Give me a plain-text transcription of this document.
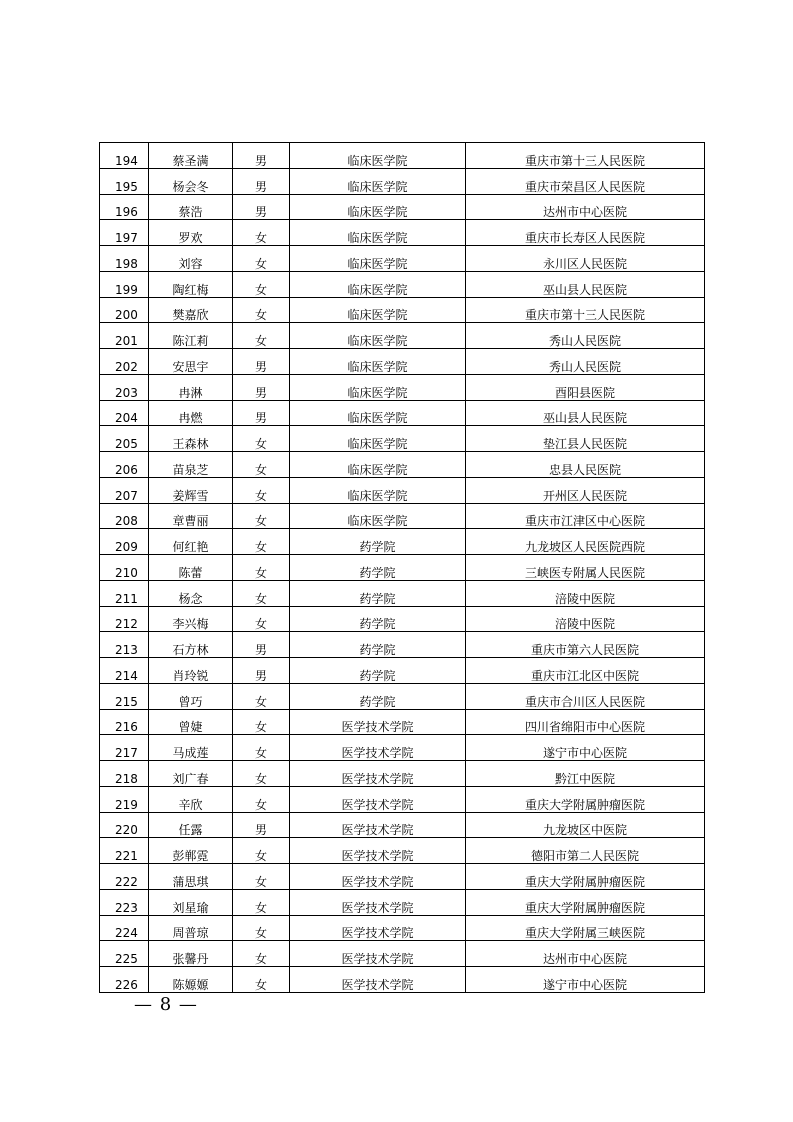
194	蔡圣满	男	临床医学院	重庆市第十三人民医院
195	杨会冬	男	临床医学院	重庆市荣昌区人民医院
196	蔡浩	男	临床医学院	达州市中心医院
197	罗欢	女	临床医学院	重庆市长寿区人民医院
198	刘容	女	临床医学院	永川区人民医院
199	陶红梅	女	临床医学院	巫山县人民医院
200	樊嘉欣	女	临床医学院	重庆市第十三人民医院
201	陈江莉	女	临床医学院	秀山人民医院
202	安思宇	男	临床医学院	秀山人民医院
203	冉淋	男	临床医学院	酉阳县医院
204	冉燃	男	临床医学院	巫山县人民医院
205	王森林	女	临床医学院	垫江县人民医院
206	苗泉芝	女	临床医学院	忠县人民医院
207	姜辉雪	女	临床医学院	开州区人民医院
208	章曹丽	女	临床医学院	重庆市江津区中心医院
209	何红艳	女	药学院	九龙坡区人民医院西院
210	陈蕾	女	药学院	三峡医专附属人民医院
211	杨念	女	药学院	涪陵中医院
212	李兴梅	女	药学院	涪陵中医院
213	石方林	男	药学院	重庆市第六人民医院
214	肖玲锐	男	药学院	重庆市江北区中医院
215	曾巧	女	药学院	重庆市合川区人民医院
216	曾婕	女	医学技术学院	四川省绵阳市中心医院
217	马成莲	女	医学技术学院	遂宁市中心医院
218	刘广春	女	医学技术学院	黔江中医院
219	辛欣	女	医学技术学院	重庆大学附属肿瘤医院
220	任露	男	医学技术学院	九龙坡区中医院
221	彭郸霓	女	医学技术学院	德阳市第二人民医院
222	蒲思琪	女	医学技术学院	重庆大学附属肿瘤医院
223	刘星瑜	女	医学技术学院	重庆大学附属肿瘤医院
224	周普琼	女	医学技术学院	重庆大学附属三峡医院
225	张馨丹	女	医学技术学院	达州市中心医院
226	陈嫄嫄	女	医学技术学院	遂宁市中心医院
— 8 —
